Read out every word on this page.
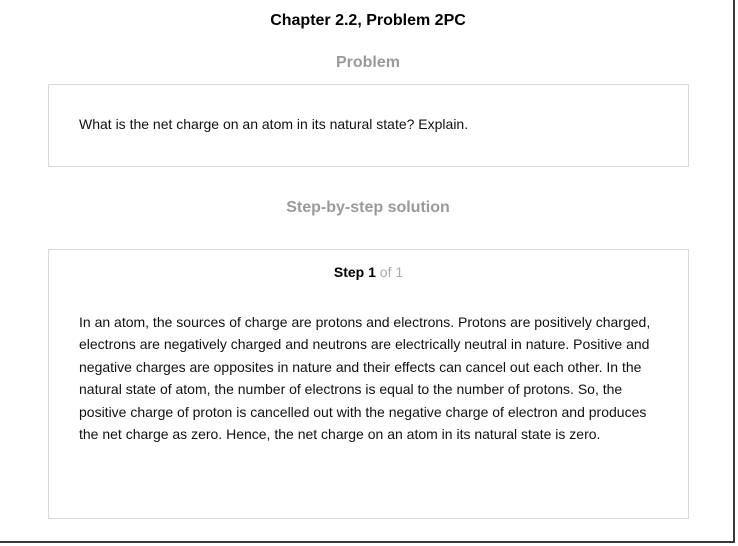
Chapter 2.2, Problem 2PC
Problem
What is the net charge on an atom in its natural state? Explain.
Step-by-step solution
Step 1 of 1
In an atom, the sources of charge are protons and electrons. Protons are positively charged, electrons are negatively charged and neutrons are electrically neutral in nature. Positive and negative charges are opposites in nature and their effects can cancel out each other. In the natural state of atom, the number of electrons is equal to the number of protons. So, the positive charge of proton is cancelled out with the negative charge of electron and produces the net charge as zero. Hence, the net charge on an atom in its natural state is zero.
